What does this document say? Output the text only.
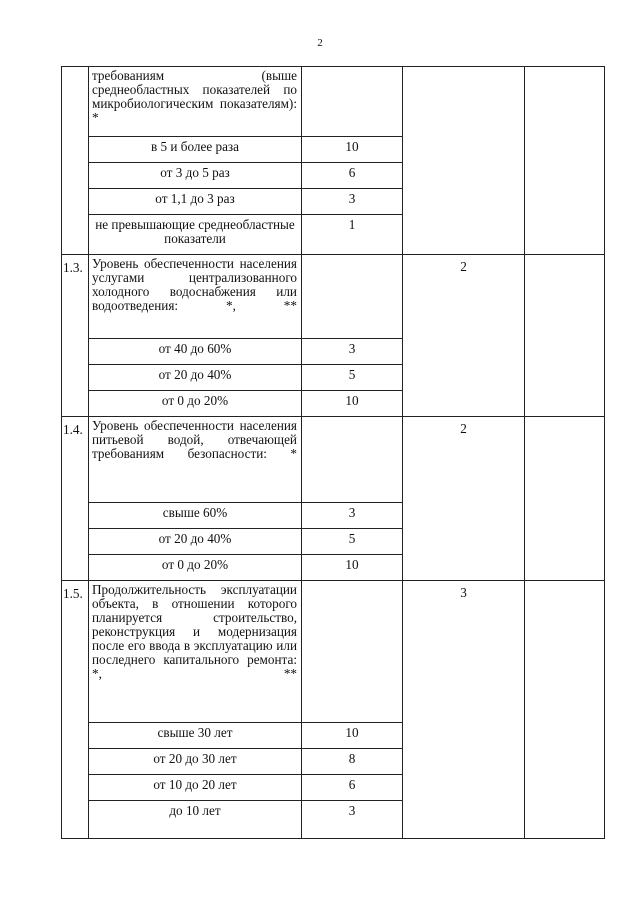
2
	требованиям (выше среднеобластных показателей по микробиологическим показателям): *			
	в 5 и более раза	10		
	от 3 до 5 раз	6		
	от 1,1 до 3 раз	3		
	не превышающие среднеобластные показатели	1		
1.3.	Уровень обеспеченности населения услугами централизованного холодного водоснабжения или водоотведения: *, **		2	
	от 40 до 60%	3		
	от 20 до 40%	5		
	от 0 до 20%	10		
1.4.	Уровень обеспеченности населения питьевой водой, отвечающей требованиям безопасности: *		2	
	свыше 60%	3		
	от 20 до 40%	5		
	от 0 до 20%	10		
1.5.	Продолжительность эксплуатации объекта, в отношении которого планируется строительство, реконструкция и модернизация после его ввода в эксплуатацию или последнего капитального ремонта: *, **		3	
	свыше 30 лет	10		
	от 20 до 30 лет	8		
	от 10 до 20 лет	6		
	до 10 лет	3		
